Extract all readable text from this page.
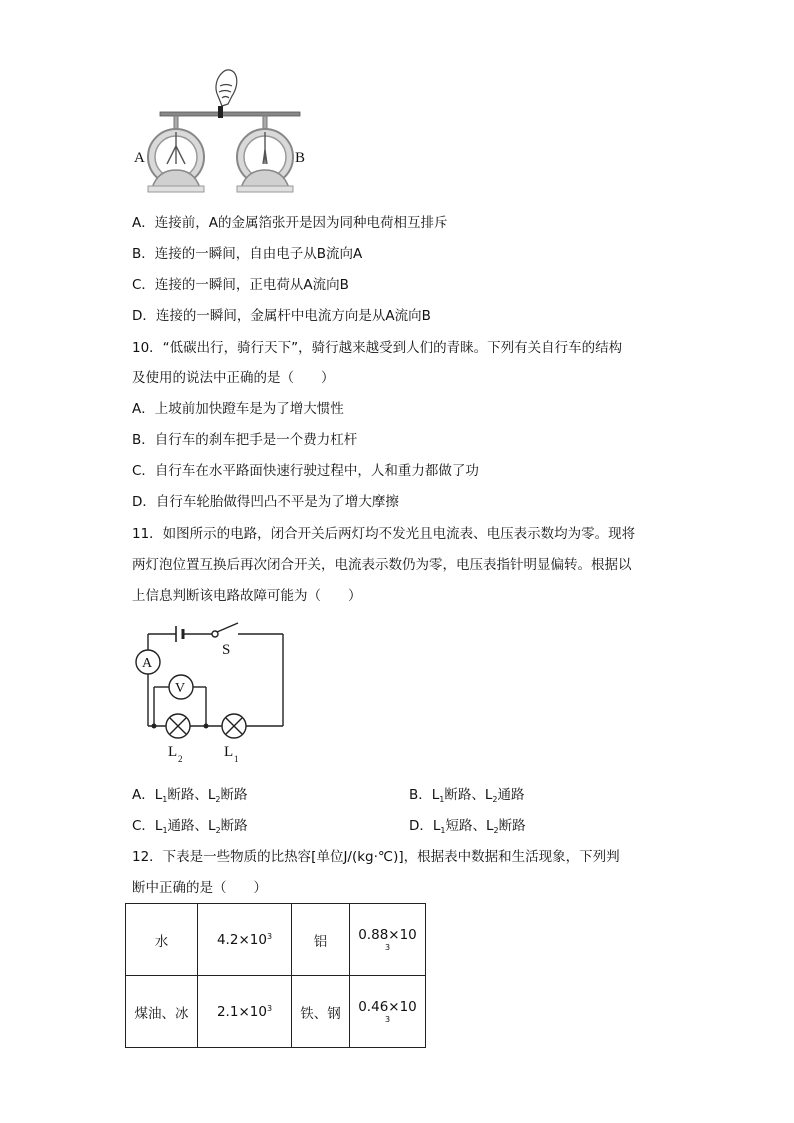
A	B
A．连接前，A的金属箔张开是因为同种电荷相互排斥
B．连接的一瞬间，自由电子从B流向A
C．连接的一瞬间，正电荷从A流向B
D．连接的一瞬间，金属杆中电流方向是从A流向B
10．“低碳出行，骑行天下”，骑行越来越受到人们的青睐。下列有关自行车的结构
及使用的说法中正确的是（　　）
A．上坡前加快蹬车是为了增大惯性
B．自行车的刹车把手是一个费力杠杆
C．自行车在水平路面快速行驶过程中，人和重力都做了功
D．自行车轮胎做得凹凸不平是为了增大摩擦
11．如图所示的电路，闭合开关后两灯均不发光且电流表、电压表示数均为零。现将
两灯泡位置互换后再次闭合开关，电流表示数仍为零，电压表指针明显偏转。根据以
上信息判断该电路故障可能为（　　）
A
V
S
L 2	L 1
A．$L_1$断路、$L_2$断路	B．$L_1$断路、$L_2$通路
C．$L_1$通路、$L_2$断路	D．$L_1$短路、$L_2$断路
12．下表是一些物质的比热容[单位J/(kg·℃)]，根据表中数据和生活现象，下列判
断中正确的是（　　）
水	$4.2\times 10^3$	铝	0.88×10
3

煤油、冰	$2.1\times 10^3$	铁、钢	0.46×10
3
